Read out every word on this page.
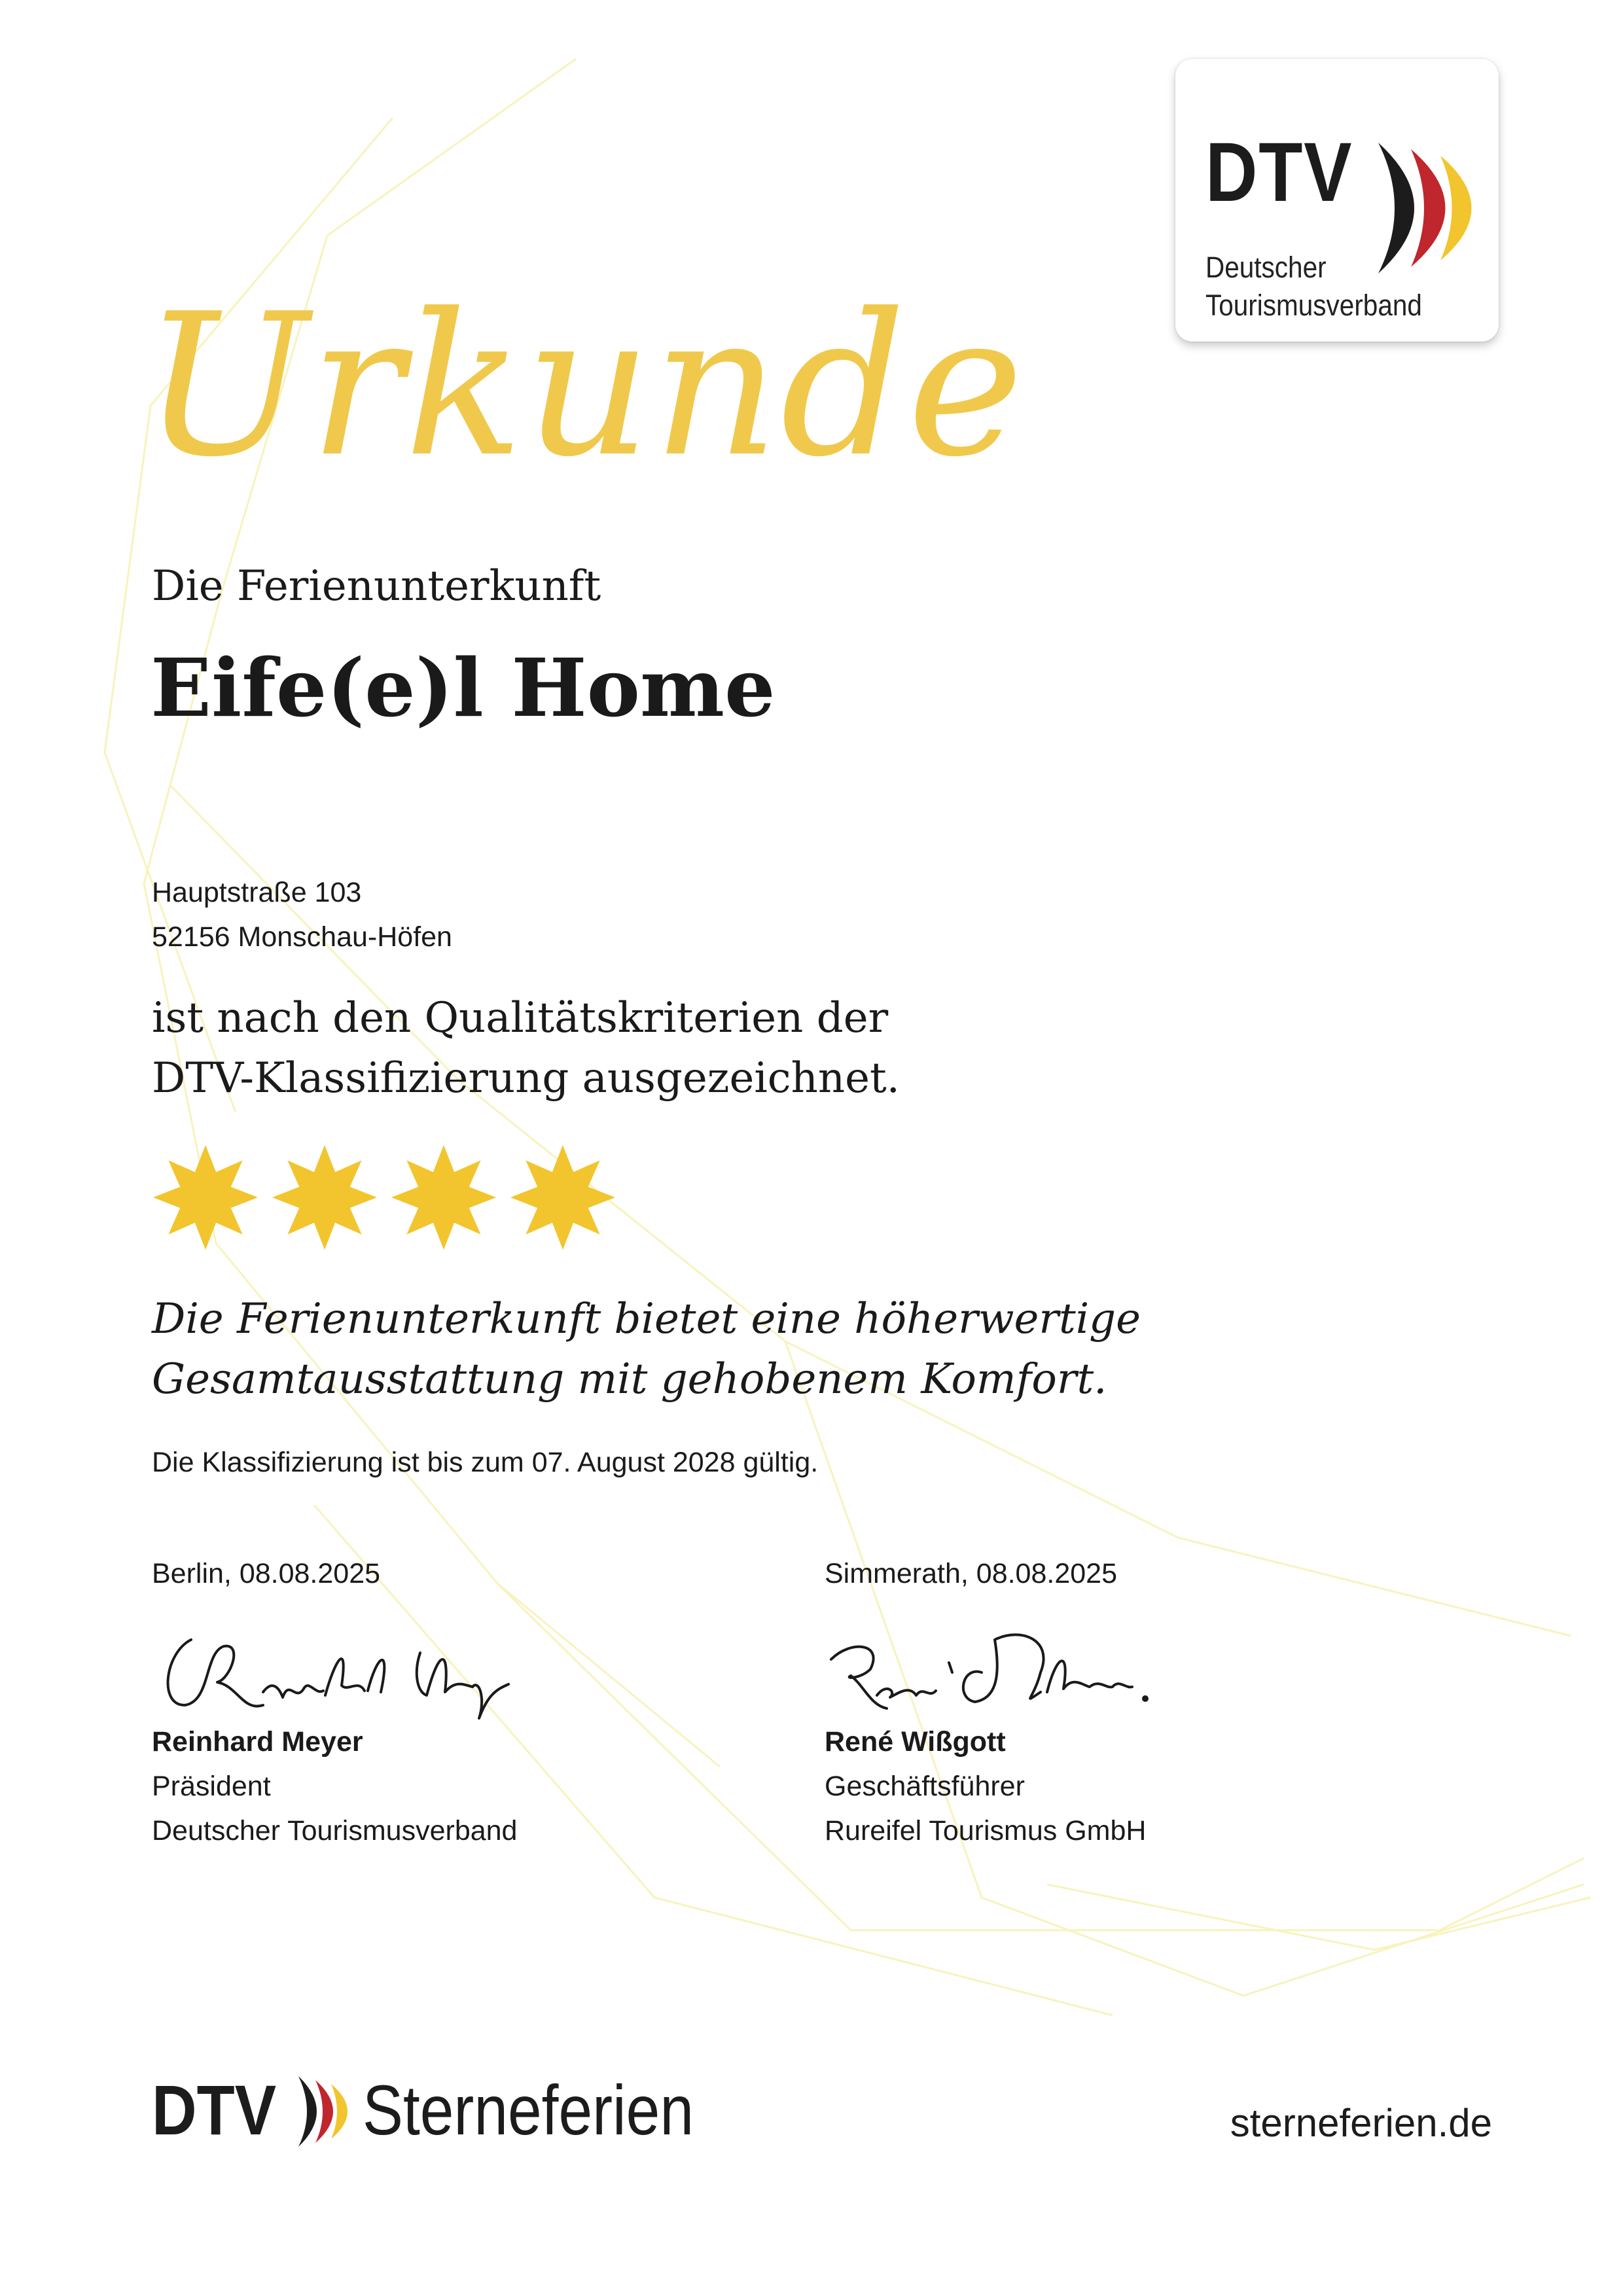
DTV
Deutscher
Tourismusverband
Urkunde
Die Ferienunterkunft
Eife(e)l Home
Hauptstraße 103
52156 Monschau-Höfen
ist nach den Qualitätskriterien der
DTV-Klassifizierung ausgezeichnet.
Die Ferienunterkunft bietet eine höherwertige
Gesamtausstattung mit gehobenem Komfort.
Die Klassifizierung ist bis zum 07. August 2028 gültig.
Berlin, 08.08.2025
Reinhard Meyer
Präsident
Deutscher Tourismusverband
Simmerath, 08.08.2025
René Wißgott
Geschäftsführer
Rureifel Tourismus GmbH
DTV Sterneferien	sterneferien.de
